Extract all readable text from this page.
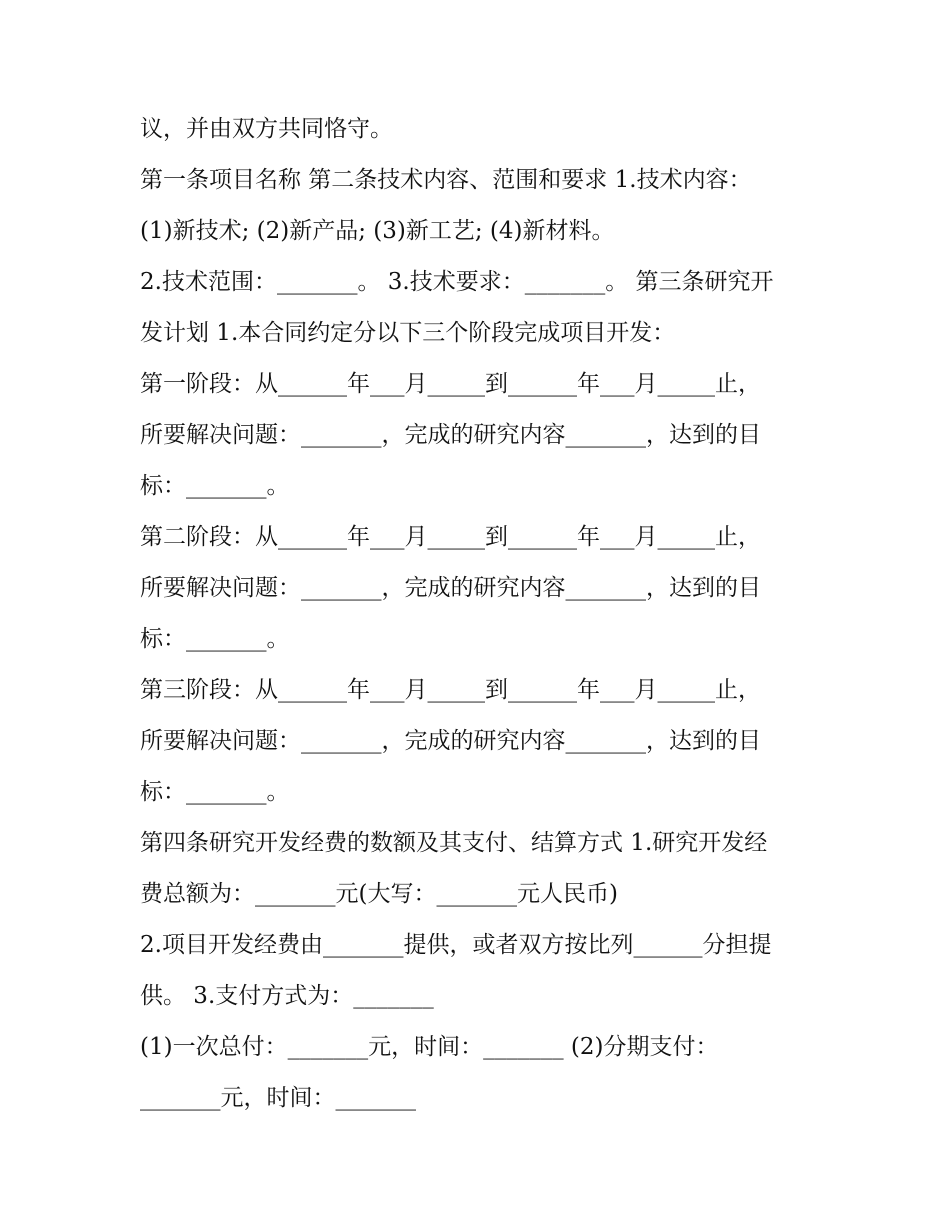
议，并由双方共同恪守。
第一条项目名称 第二条技术内容、范围和要求 1.技术内容：
(1)新技术; (2)新产品; (3)新工艺; (4)新材料。
2.技术范围：_______。 3.技术要求：_______。 第三条研究开
发计划 1.本合同约定分以下三个阶段完成项目开发：
第一阶段：从______年___月_____到______年___月_____止，
所要解决问题：_______，完成的研究内容_______，达到的目
标：_______。
第二阶段：从______年___月_____到______年___月_____止，
所要解决问题：_______，完成的研究内容_______，达到的目
标：_______。
第三阶段：从______年___月_____到______年___月_____止，
所要解决问题：_______，完成的研究内容_______，达到的目
标：_______。
第四条研究开发经费的数额及其支付、结算方式 1.研究开发经
费总额为：_______元(大写：_______元人民币)
2.项目开发经费由_______提供，或者双方按比列______分担提
供。 3.支付方式为：_______
(1)一次总付：_______元，时间：_______ (2)分期支付：
_______元，时间：_______
